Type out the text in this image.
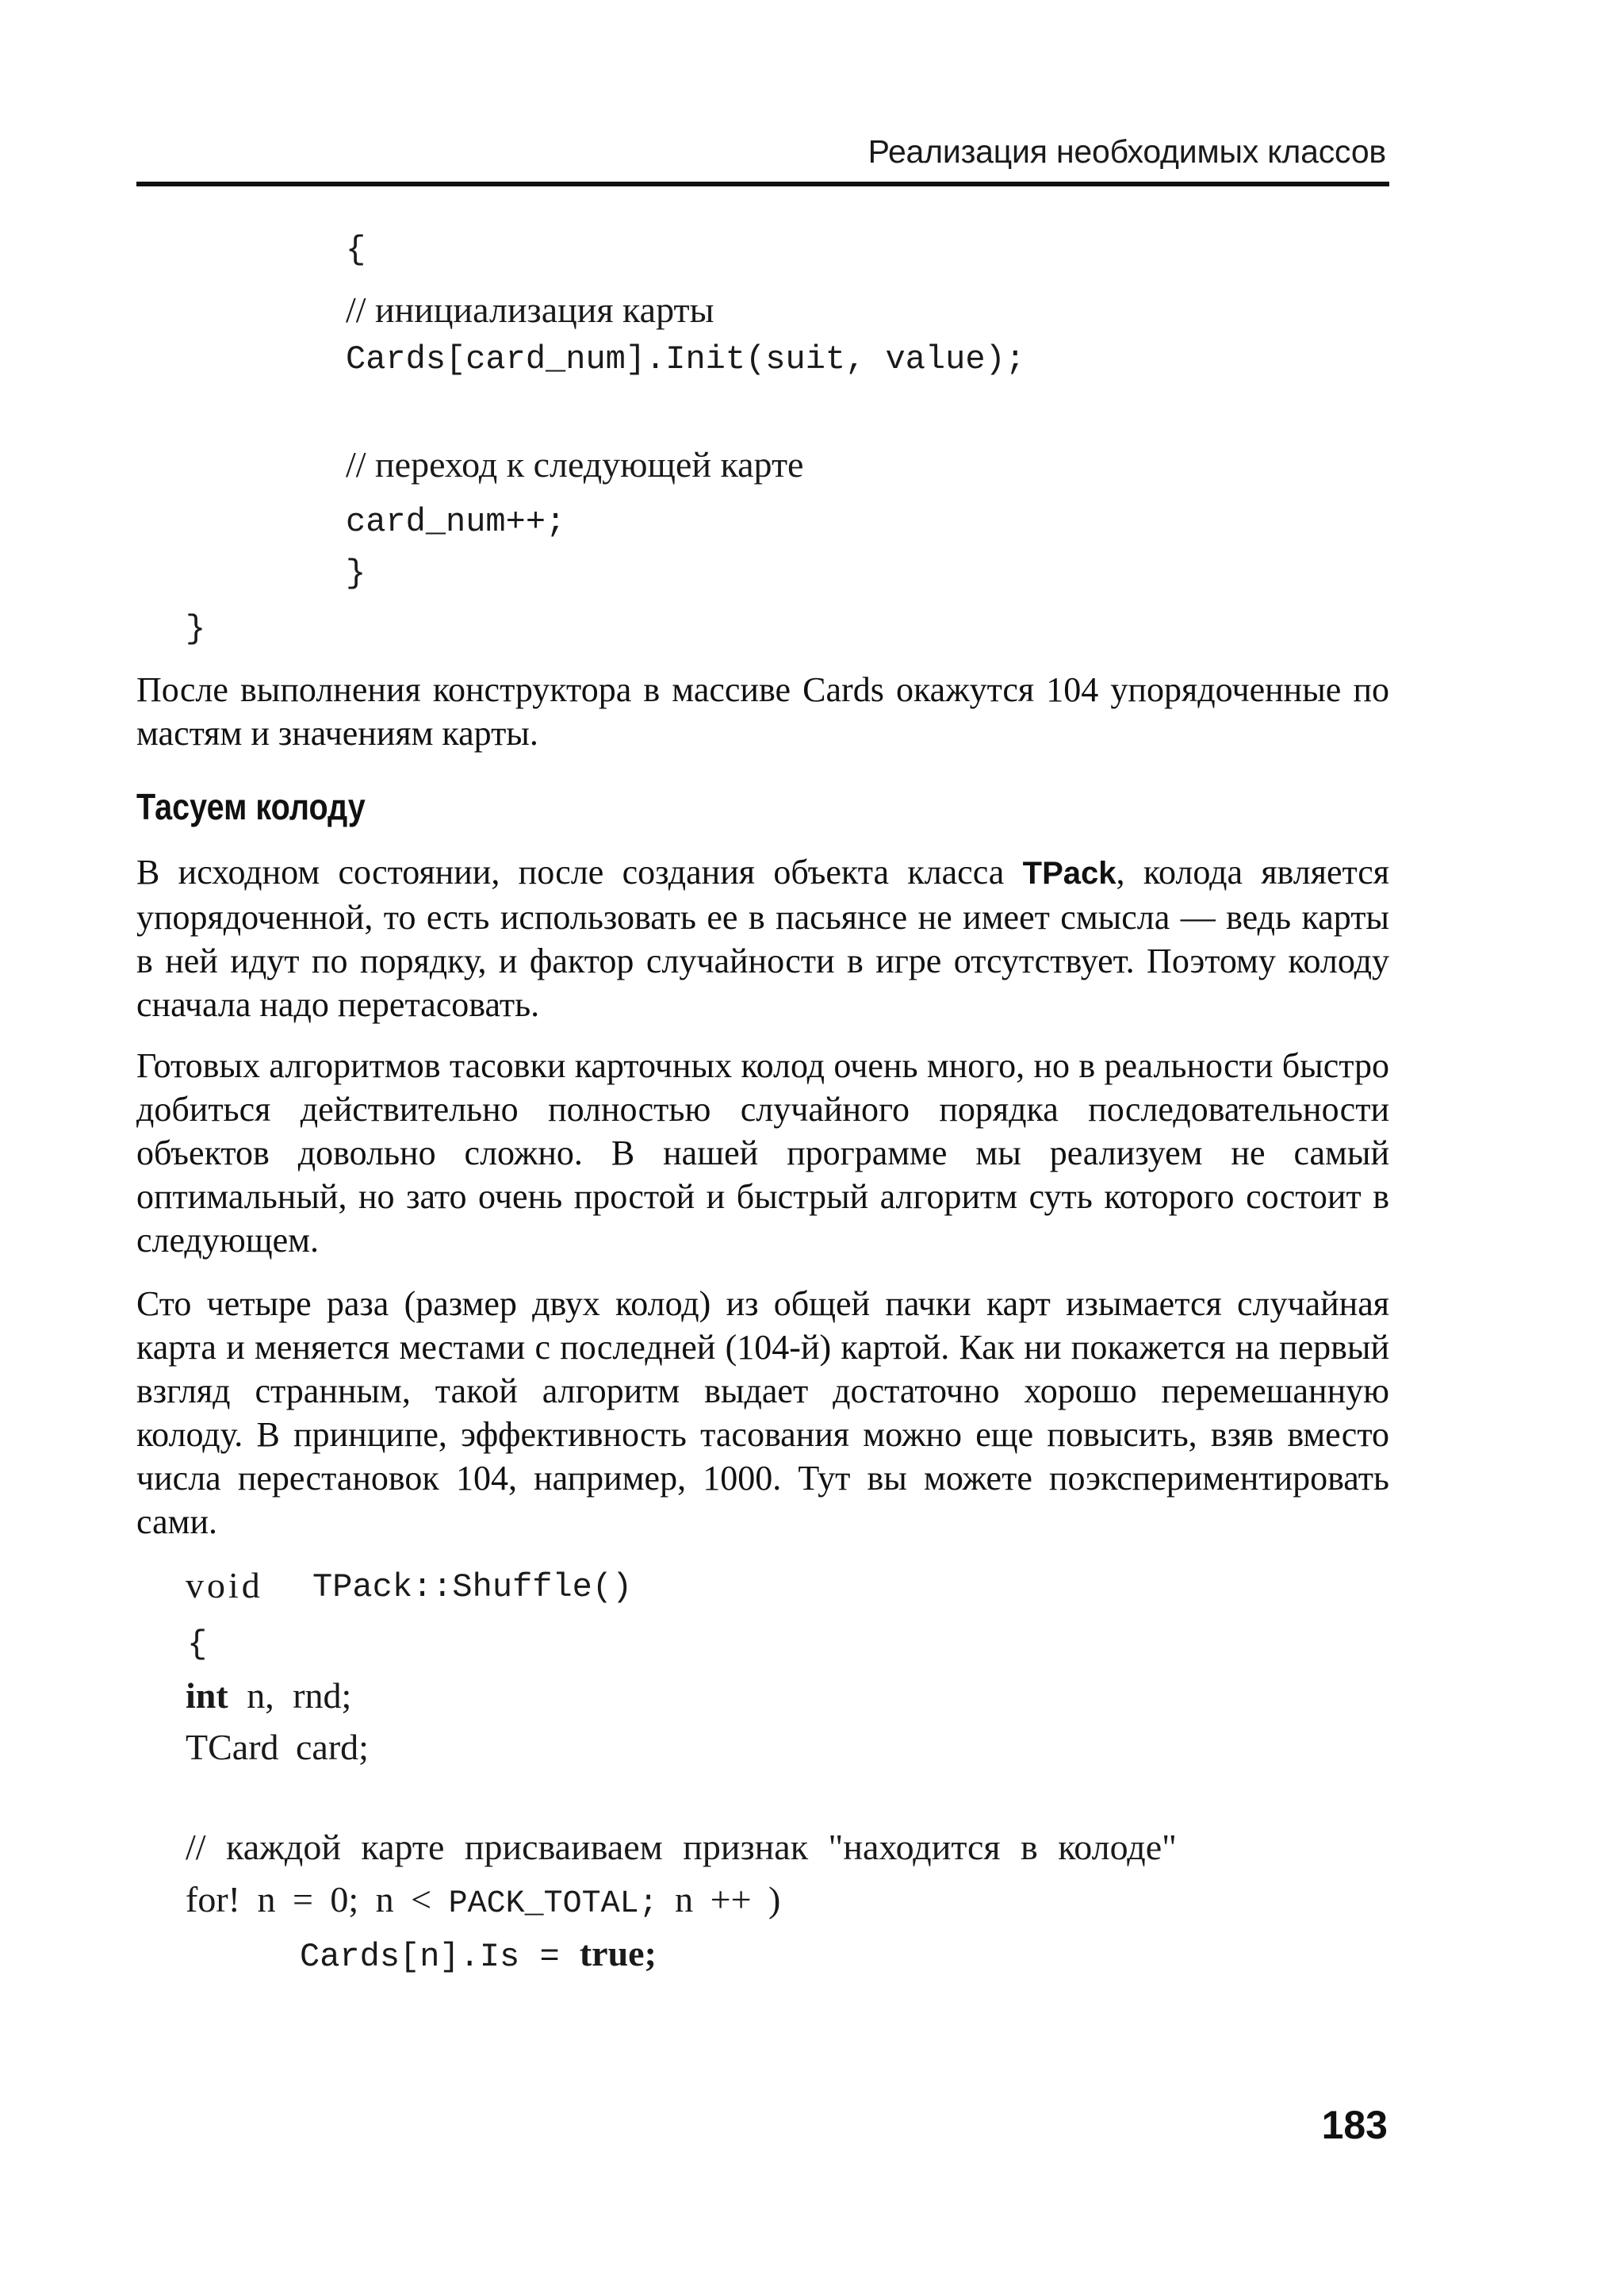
Реализация необходимых классов
{
// инициализация карты
Cards[card_num].Init(suit, value);
// переход к следующей карте
card_num++;
}
}

После выполнения конструктора в массиве Cards окажутся 104 упорядоченные по мастям и значениям карты.

Тасуем колоду

В исходном состоянии, после создания объекта класса TPack, колода является упорядоченной, то есть использовать ее в пасьянсе не имеет смысла — ведь карты в ней идут по порядку, и фактор случайности в игре отсутствует. Поэтому колоду сначала надо перетасовать.

Готовых алгоритмов тасовки карточных колод очень много, но в реальности быстро добиться действительно полностью случайного порядка последовательности объектов довольно сложно. В нашей программе мы реализуем не самый оптимальный, но зато очень простой и быстрый алгоритм суть которого состоит в следующем.

Сто четыре раза (размер двух колод) из общей пачки карт изымается случайная карта и меняется местами с последней (104-й) картой. Как ни покажется на первый взгляд странным, такой алгоритм выдает достаточно хорошо перемешанную колоду. В принципе, эффективность тасования можно еще повысить, взяв вместо числа перестановок 104, например, 1000. Тут вы можете поэкспериментировать сами.

void TPack::Shuffle()
{
int n, rnd;
TCard card;
// каждой карте присваиваем признак "находится в колоде"
for! n = 0; n < PACK_TOTAL; n ++ )
Cards[n].Is = true;
183
